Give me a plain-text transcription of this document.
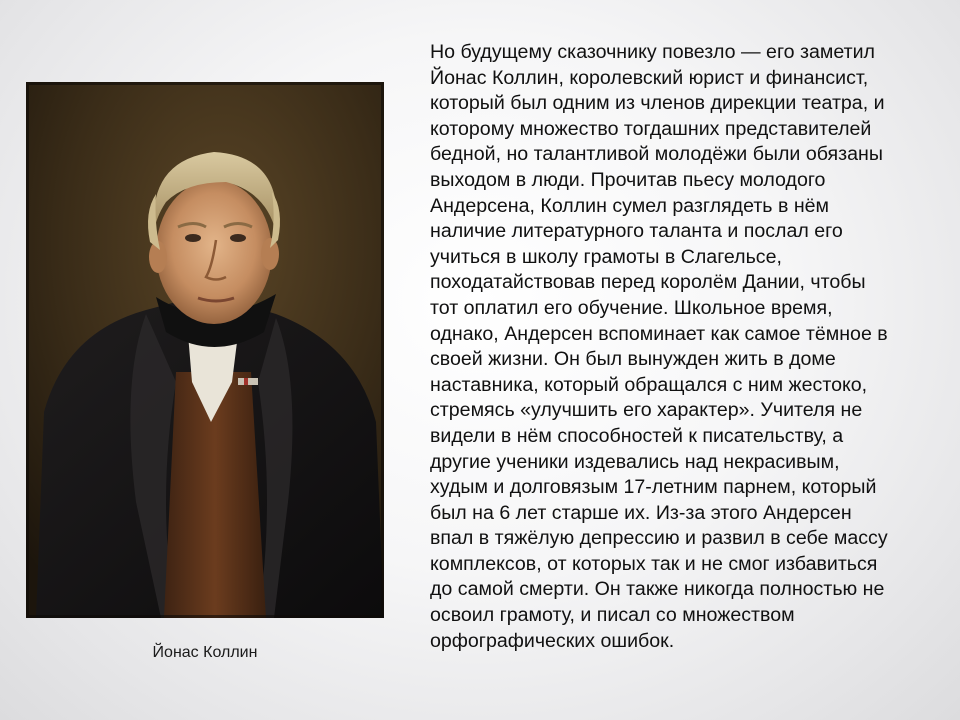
Йонас Коллин

Но будущему сказочнику повезло — его заметил
Йонас Коллин, королевский юрист и финансист,
который был одним из членов дирекции театра, и
которому множество тогдашних представителей
бедной, но талантливой молодёжи были обязаны
выходом в люди. Прочитав пьесу молодого
Андерсена, Коллин сумел разглядеть в нём
наличие литературного таланта и послал его
учиться в школу грамоты в Слагельсе,
походатайствовав перед королём Дании, чтобы
тот оплатил его обучение. Школьное время,
однако, Андерсен вспоминает как самое тёмное в
своей жизни. Он был вынужден жить в доме
наставника, который обращался с ним жестоко,
стремясь «улучшить его характер». Учителя не
видели в нём способностей к писательству, а
другие ученики издевались над некрасивым,
худым и долговязым 17-летним парнем, который
был на 6 лет старше их. Из-за этого Андерсен
впал в тяжёлую депрессию и развил в себе массу
комплексов, от которых так и не смог избавиться
до самой смерти. Он также никогда полностью не
освоил грамоту, и писал со множеством
орфографических ошибок.
